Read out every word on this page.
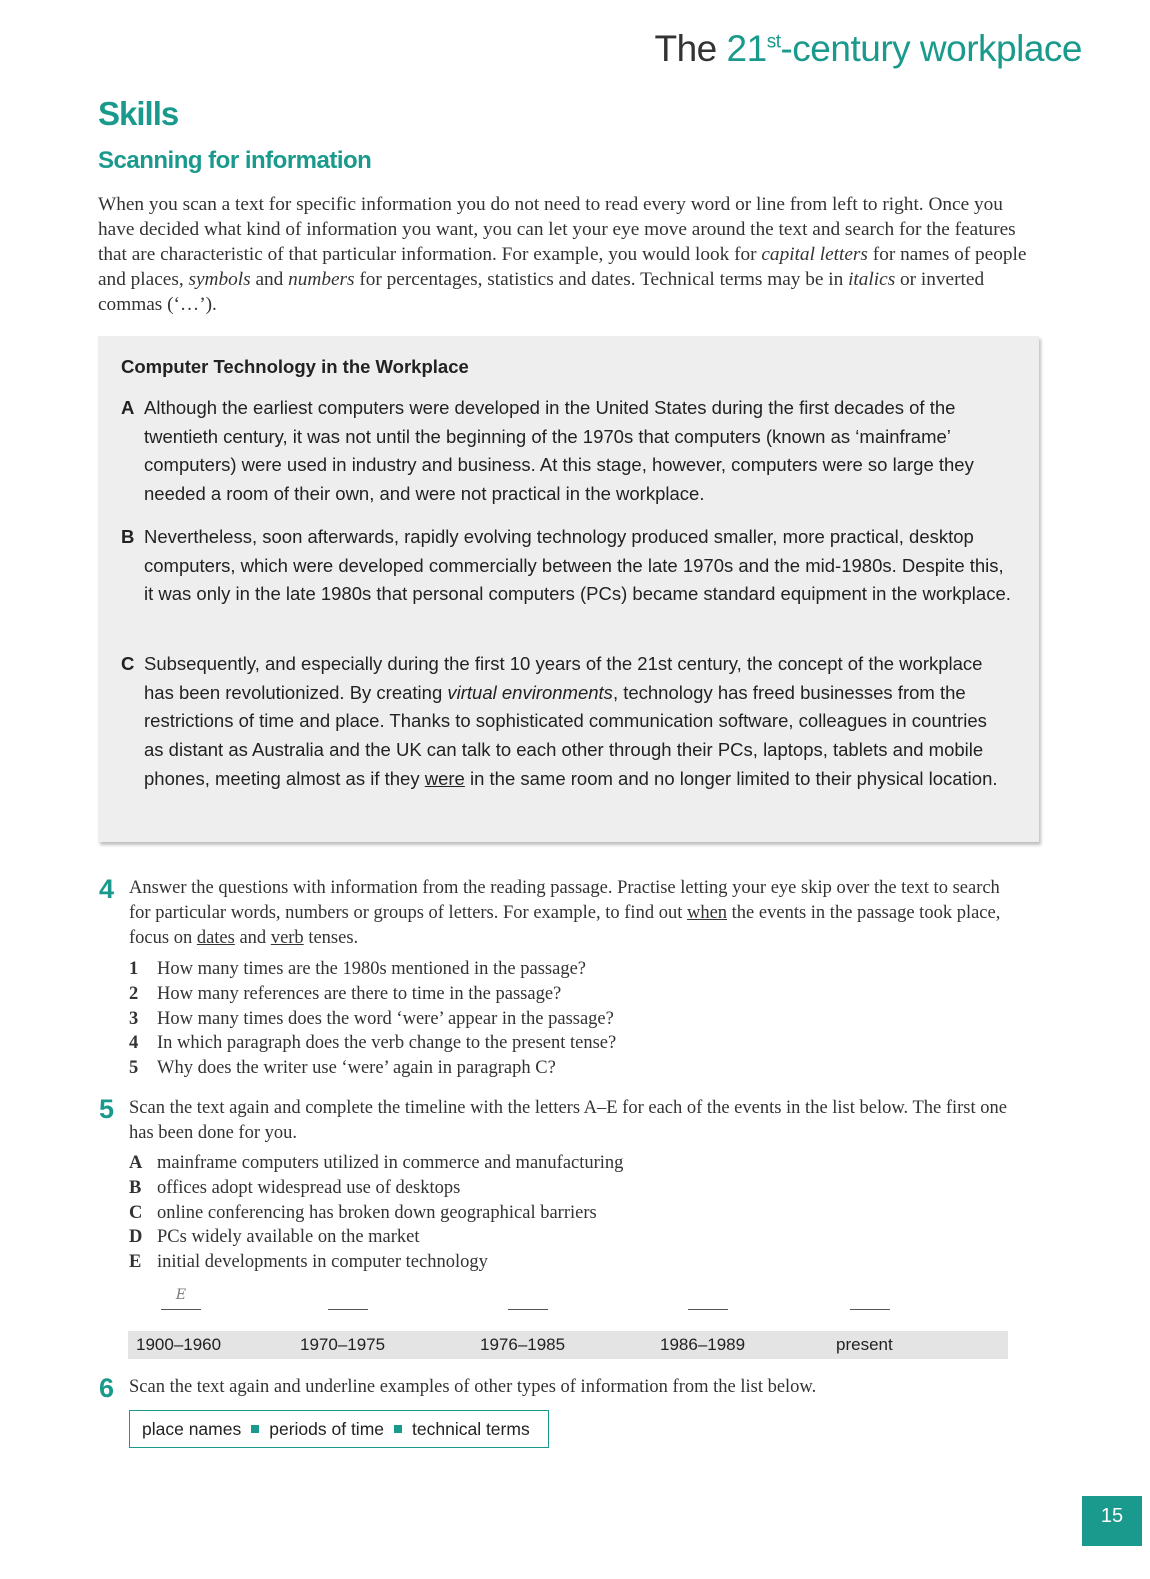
The 21st-century workplace
Skills
Scanning for information
When you scan a text for specific information you do not need to read every word or line from left to right. Once you have decided what kind of information you want, you can let your eye move around the text and search for the features that are characteristic of that particular information. For example, you would look for capital letters for names of people and places, symbols and numbers for percentages, statistics and dates. Technical terms may be in italics or inverted commas (‘…’).
Computer Technology in the Workplace
A Although the earliest computers were developed in the United States during the first decades of the twentieth century, it was not until the beginning of the 1970s that computers (known as ‘mainframe’ computers) were used in industry and business. At this stage, however, computers were so large they needed a room of their own, and were not practical in the workplace.
B Nevertheless, soon afterwards, rapidly evolving technology produced smaller, more practical, desktop computers, which were developed commercially between the late 1970s and the mid-1980s. Despite this, it was only in the late 1980s that personal computers (PCs) became standard equipment in the workplace.
C Subsequently, and especially during the first 10 years of the 21st century, the concept of the workplace has been revolutionized. By creating virtual environments, technology has freed businesses from the restrictions of time and place. Thanks to sophisticated communication software, colleagues in countries as distant as Australia and the UK can talk to each other through their PCs, laptops, tablets and mobile phones, meeting almost as if they were in the same room and no longer limited to their physical location.
4 Answer the questions with information from the reading passage. Practise letting your eye skip over the text to search for particular words, numbers or groups of letters. For example, to find out when the events in the passage took place, focus on dates and verb tenses.
1	How many times are the 1980s mentioned in the passage?
2	How many references are there to time in the passage?
3	How many times does the word ‘were’ appear in the passage?
4	In which paragraph does the verb change to the present tense?
5	Why does the writer use ‘were’ again in paragraph C?
5 Scan the text again and complete the timeline with the letters A–E for each of the events in the list below. The first one has been done for you.
A mainframe computers utilized in commerce and manufacturing
B offices adopt widespread use of desktops
C online conferencing has broken down geographical barriers
D PCs widely available on the market
E initial developments in computer technology
E
1900–1960	1970–1975	1976–1985	1986–1989	present
6 Scan the text again and underline examples of other types of information from the list below.
place names periods of time technical terms
15
